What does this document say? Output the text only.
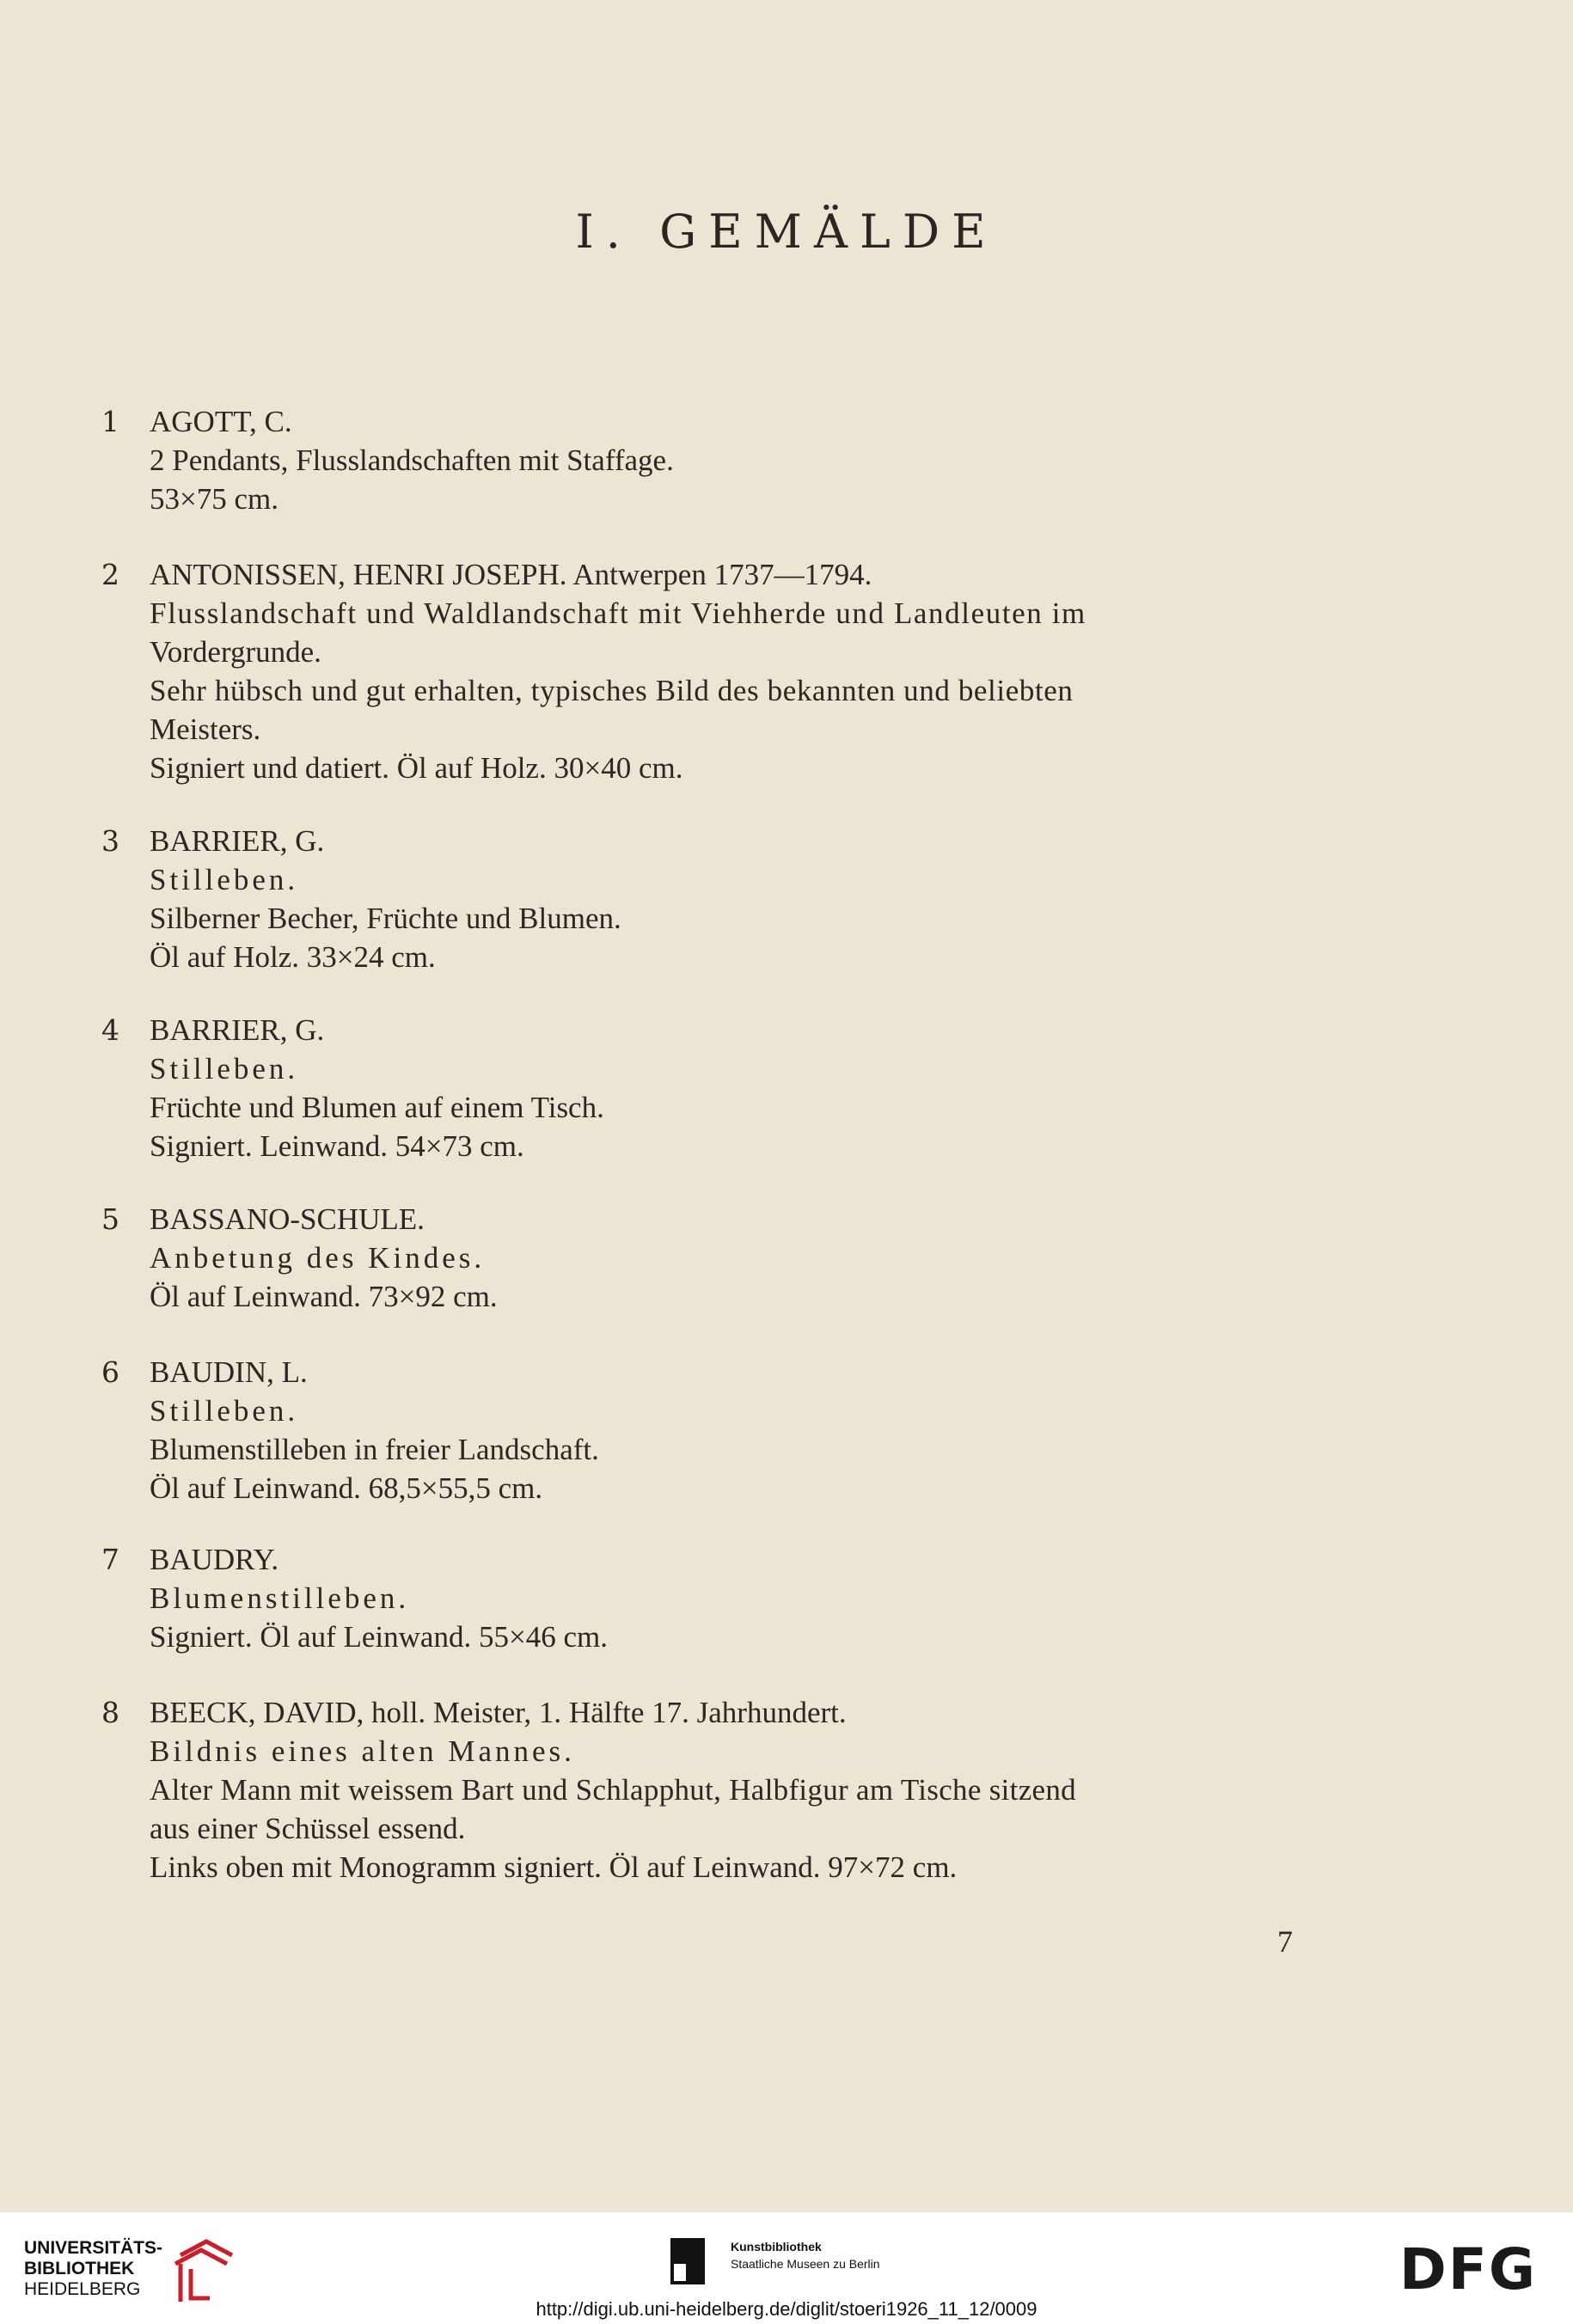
I. GEMÄLDE
1	AGOTT, C.
2 Pendants, Flusslandschaften mit Staffage.
53×75 cm.
2	ANTONISSEN, HENRI JOSEPH. Antwerpen 1737—1794.
Flusslandschaft und Waldlandschaft mit Viehherde und Landleuten im
Vordergrunde.
Sehr hübsch und gut erhalten, typisches Bild des bekannten und beliebten
Meisters.
Signiert und datiert. Öl auf Holz. 30×40 cm.
3	BARRIER, G.
Stilleben.
Silberner Becher, Früchte und Blumen.
Öl auf Holz. 33×24 cm.
4	BARRIER, G.
Stilleben.
Früchte und Blumen auf einem Tisch.
Signiert. Leinwand. 54×73 cm.
5	BASSANO-SCHULE.
Anbetung des Kindes.
Öl auf Leinwand. 73×92 cm.
6	BAUDIN, L.
Stilleben.
Blumenstilleben in freier Landschaft.
Öl auf Leinwand. 68,5×55,5 cm.
7	BAUDRY.
Blumenstilleben.
Signiert. Öl auf Leinwand. 55×46 cm.
8	BEECK, DAVID, holl. Meister, 1. Hälfte 17. Jahrhundert.
Bildnis eines alten Mannes.
Alter Mann mit weissem Bart und Schlapphut, Halbfigur am Tische sitzend
aus einer Schüssel essend.
Links oben mit Monogramm signiert. Öl auf Leinwand. 97×72 cm.
7
UNIVERSITÄTS-
BIBLIOTHEK
HEIDELBERG
Kunstbibliothek
Staatliche Museen zu Berlin	DFG
http://digi.ub.uni-heidelberg.de/diglit/stoeri1926_11_12/0009
